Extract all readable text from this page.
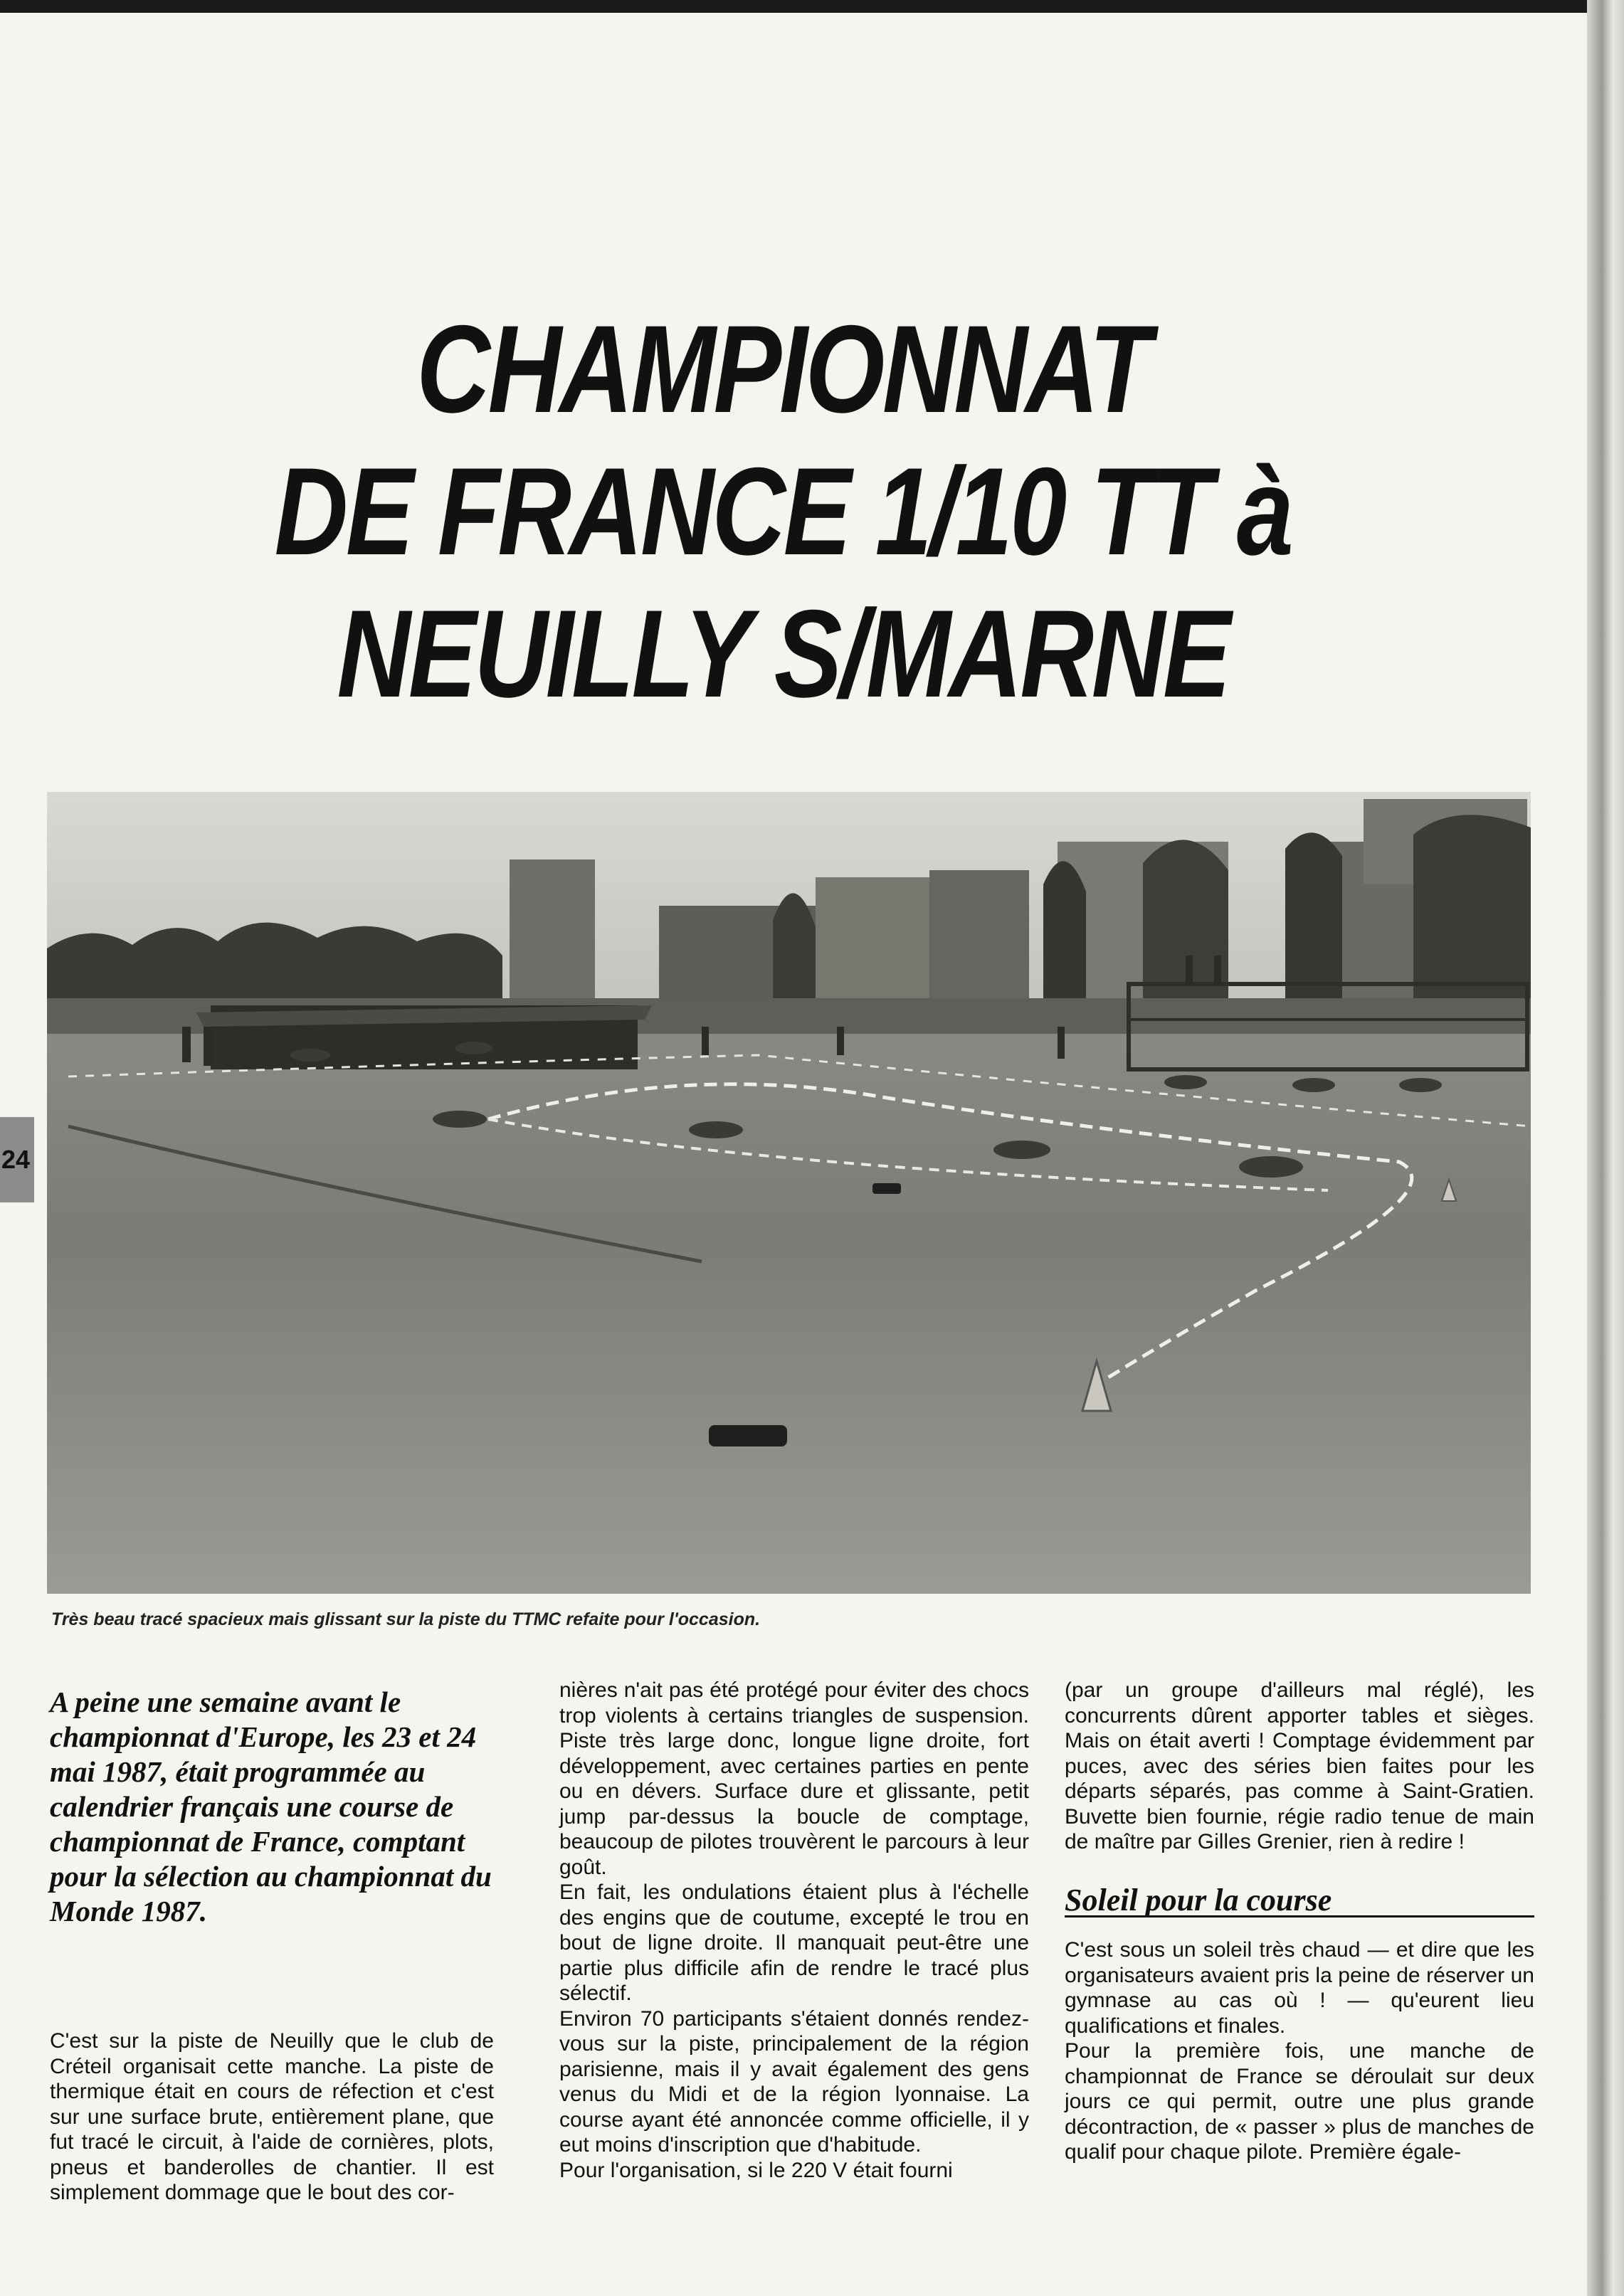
24
CHAMPIONNAT
DE FRANCE 1/10 TT à
NEUILLY S/MARNE
Très beau tracé spacieux mais glissant sur la piste du TTMC refaite pour l'occasion.

A peine une semaine avant le championnat d'Europe, les 23 et 24 mai 1987, était programmée au calendrier français une course de championnat de France, comptant pour la sélection au championnat du Monde 1987.

C'est sur la piste de Neuilly que le club de Créteil organisait cette manche. La piste de thermique était en cours de réfection et c'est sur une surface brute, entièrement plane, que fut tracé le circuit, à l'aide de cornières, plots, pneus et banderolles de chantier. Il est simplement dommage que le bout des cor-

nières n'ait pas été protégé pour éviter des chocs trop violents à certains triangles de suspension. Piste très large donc, longue ligne droite, fort développement, avec certaines parties en pente ou en dévers. Surface dure et glissante, petit jump par-dessus la boucle de comptage, beaucoup de pilotes trouvèrent le parcours à leur goût.

En fait, les ondulations étaient plus à l'échelle des engins que de coutume, excepté le trou en bout de ligne droite. Il manquait peut-être une partie plus difficile afin de rendre le tracé plus sélectif.

Environ 70 participants s'étaient donnés rendez-vous sur la piste, principalement de la région parisienne, mais il y avait également des gens venus du Midi et de la région lyonnaise. La course ayant été annoncée comme officielle, il y eut moins d'inscription que d'habitude.

Pour l'organisation, si le 220 V était fourni

(par un groupe d'ailleurs mal réglé), les concurrents dûrent apporter tables et sièges. Mais on était averti ! Comptage évidemment par puces, avec des séries bien faites pour les départs séparés, pas comme à Saint-Gratien. Buvette bien fournie, régie radio tenue de main de maître par Gilles Grenier, rien à redire !

Soleil pour la course

C'est sous un soleil très chaud — et dire que les organisateurs avaient pris la peine de réserver un gymnase au cas où ! — qu'eurent lieu qualifications et finales.

Pour la première fois, une manche de championnat de France se déroulait sur deux jours ce qui permit, outre une plus grande décontraction, de « passer » plus de manches de qualif pour chaque pilote. Première égale-
